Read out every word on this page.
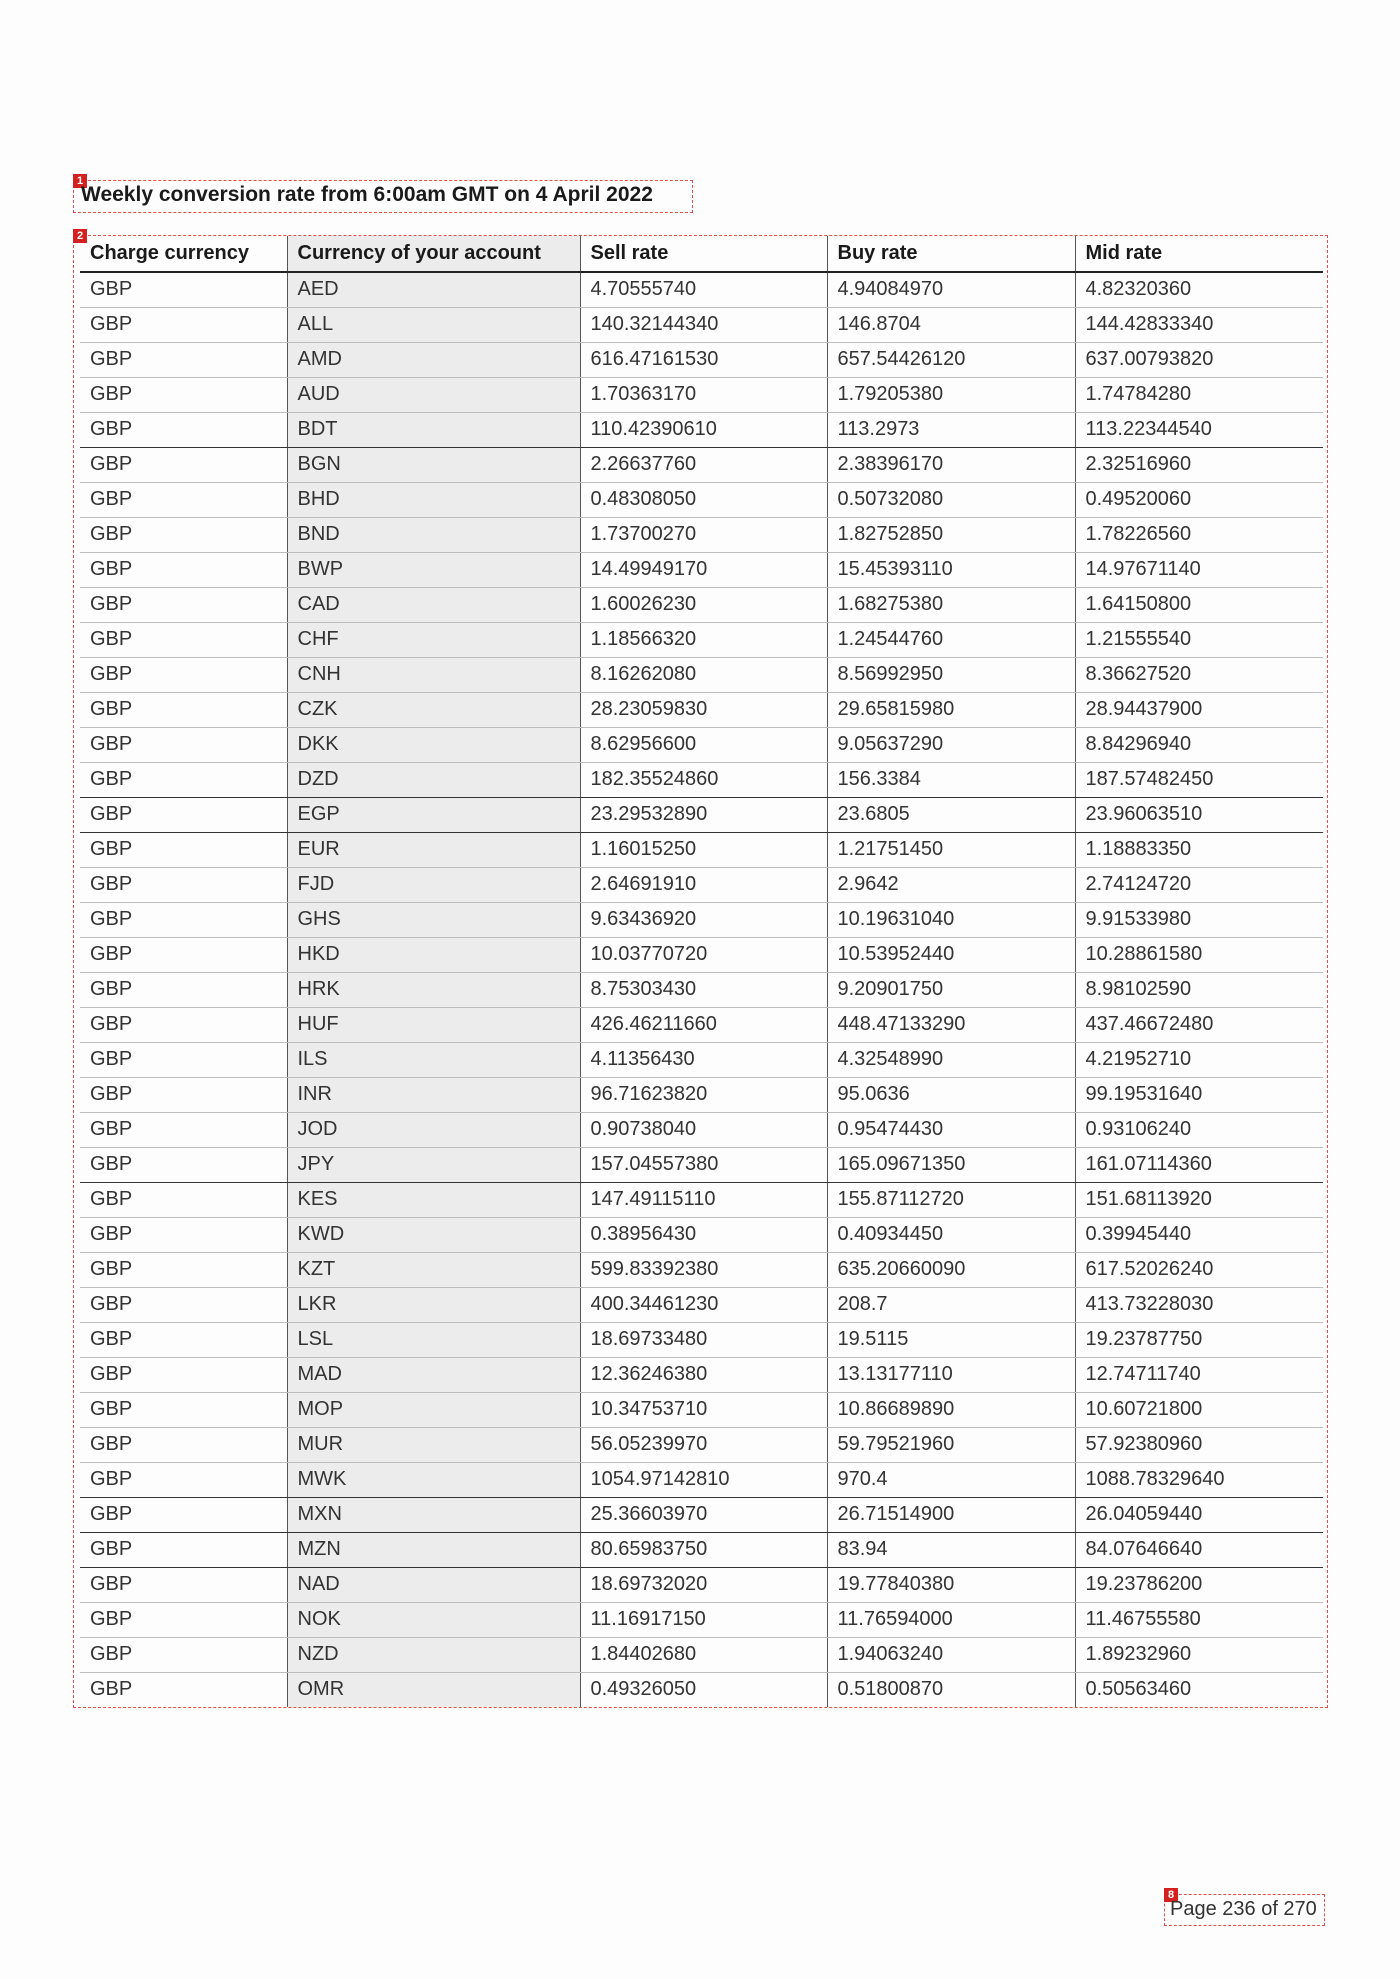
1
Weekly conversion rate from 6:00am GMT on 4 April 2022
2
Charge currency	Currency of your account	Sell rate	Buy rate	Mid rate
GBP	AED	4.70555740	4.94084970	4.82320360
GBP	ALL	140.32144340	146.8704	144.42833340
GBP	AMD	616.47161530	657.54426120	637.00793820
GBP	AUD	1.70363170	1.79205380	1.74784280
GBP	BDT	110.42390610	113.2973	113.22344540
GBP	BGN	2.26637760	2.38396170	2.32516960
GBP	BHD	0.48308050	0.50732080	0.49520060
GBP	BND	1.73700270	1.82752850	1.78226560
GBP	BWP	14.49949170	15.45393110	14.97671140
GBP	CAD	1.60026230	1.68275380	1.64150800
GBP	CHF	1.18566320	1.24544760	1.21555540
GBP	CNH	8.16262080	8.56992950	8.36627520
GBP	CZK	28.23059830	29.65815980	28.94437900
GBP	DKK	8.62956600	9.05637290	8.84296940
GBP	DZD	182.35524860	156.3384	187.57482450
GBP	EGP	23.29532890	23.6805	23.96063510
GBP	EUR	1.16015250	1.21751450	1.18883350
GBP	FJD	2.64691910	2.9642	2.74124720
GBP	GHS	9.63436920	10.19631040	9.91533980
GBP	HKD	10.03770720	10.53952440	10.28861580
GBP	HRK	8.75303430	9.20901750	8.98102590
GBP	HUF	426.46211660	448.47133290	437.46672480
GBP	ILS	4.11356430	4.32548990	4.21952710
GBP	INR	96.71623820	95.0636	99.19531640
GBP	JOD	0.90738040	0.95474430	0.93106240
GBP	JPY	157.04557380	165.09671350	161.07114360
GBP	KES	147.49115110	155.87112720	151.68113920
GBP	KWD	0.38956430	0.40934450	0.39945440
GBP	KZT	599.83392380	635.20660090	617.52026240
GBP	LKR	400.34461230	208.7	413.73228030
GBP	LSL	18.69733480	19.5115	19.23787750
GBP	MAD	12.36246380	13.13177110	12.74711740
GBP	MOP	10.34753710	10.86689890	10.60721800
GBP	MUR	56.05239970	59.79521960	57.92380960
GBP	MWK	1054.97142810	970.4	1088.78329640
GBP	MXN	25.36603970	26.71514900	26.04059440
GBP	MZN	80.65983750	83.94	84.07646640
GBP	NAD	18.69732020	19.77840380	19.23786200
GBP	NOK	11.16917150	11.76594000	11.46755580
GBP	NZD	1.84402680	1.94063240	1.89232960
GBP	OMR	0.49326050	0.51800870	0.50563460
8
Page 236 of 270
